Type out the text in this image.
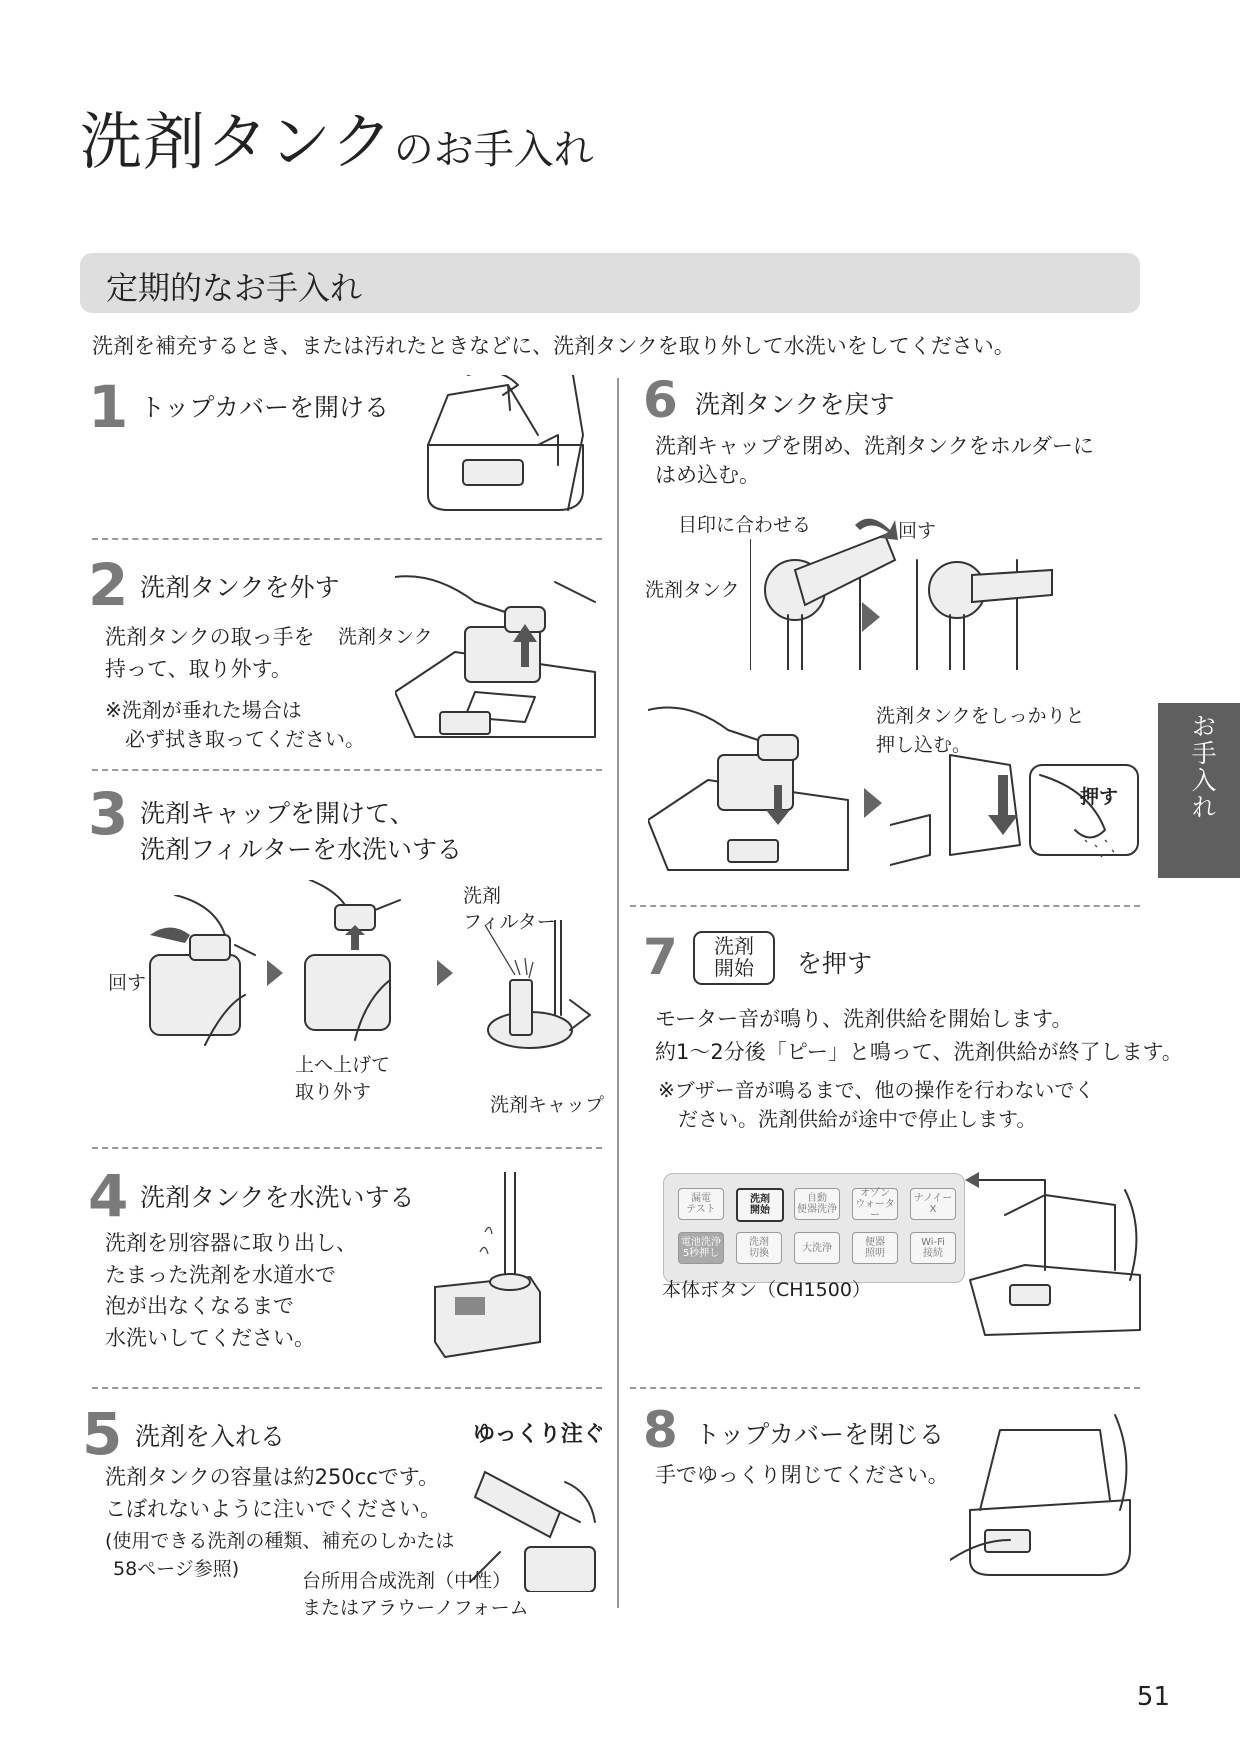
洗剤タンクのお手入れ
定期的なお手入れ
洗剤を補充するとき、または汚れたときなどに、洗剤タンクを取り外して水洗いをしてください。
1 トップカバーを開ける
2 洗剤タンクを外す
洗剤タンクの取っ手を
持って、取り外す。
※洗剤が垂れた場合は
必ず拭き取ってください。
洗剤タンク
3 洗剤キャップを開けて、
洗剤フィルターを水洗いする
回す
上へ上げて
取り外す
洗剤
フィルター
洗剤キャップ
4 洗剤タンクを水洗いする
洗剤を別容器に取り出し、
たまった洗剤を水道水で
泡が出なくなるまで
水洗いしてください。
5 洗剤を入れる	ゆっくり注ぐ
洗剤タンクの容量は約250ccです。
こぼれないように注いでください。
(使用できる洗剤の種類、補充のしかたは
58ページ参照)
台所用合成洗剤（中性）
またはアラウーノフォーム
6 洗剤タンクを戻す
洗剤キャップを閉め、洗剤タンクをホルダーに
はめ込む。
目印に合わせる	回す
洗剤タンク
洗剤タンクをしっかりと
押し込む。
押す
7	洗剤
開始	を押す
モーター音が鳴り、洗剤供給を開始します。
約1～2分後「ピー」と鳴って、洗剤供給が終了します。
※ブザー音が鳴るまで、他の操作を行わないでく
ださい。洗剤供給が途中で停止します。
漏電
テスト
洗剤
開始
自動
便器洗浄
オゾン
ウォーター
ナノイーX
電池洗浄
5秒押し
洗剤
切換	大洗浄	便器
照明
Wi-Fi
接続
本体ボタン（CH1500）
8 トップカバーを閉じる
手でゆっくり閉じてください。
お手入れ
51
